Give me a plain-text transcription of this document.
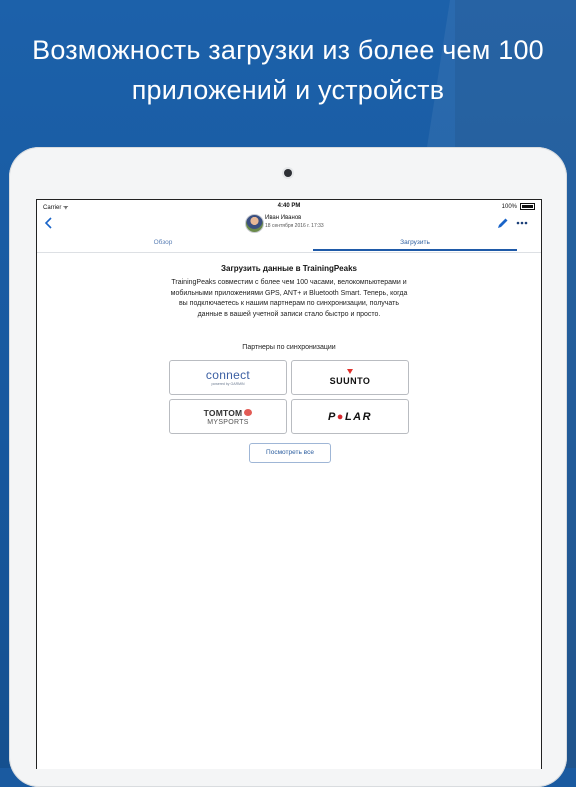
Возможность загрузки из более чем 100
приложений и устройств
Carrier ᯤ	4:40 PM	100%
Иван Иванов
18 сентября 2016 г. 17:33
Обзор	Загрузить
Загрузить данные в TrainingPeaks
TrainingPeaks совместим с более чем 100 часами, велокомпьютерами и мобильными приложениями GPS, ANT+ и Bluetooth Smart. Теперь, когда вы подключаетесь к нашим партнерам по синхронизации, получать данные в вашей учетной записи стало быстро и просто.
Партнеры по синхронизации
connect
powered by GARMIN	SUUNTO
TOMTOM
MYSPORTS	P●LAR
Посмотреть все
